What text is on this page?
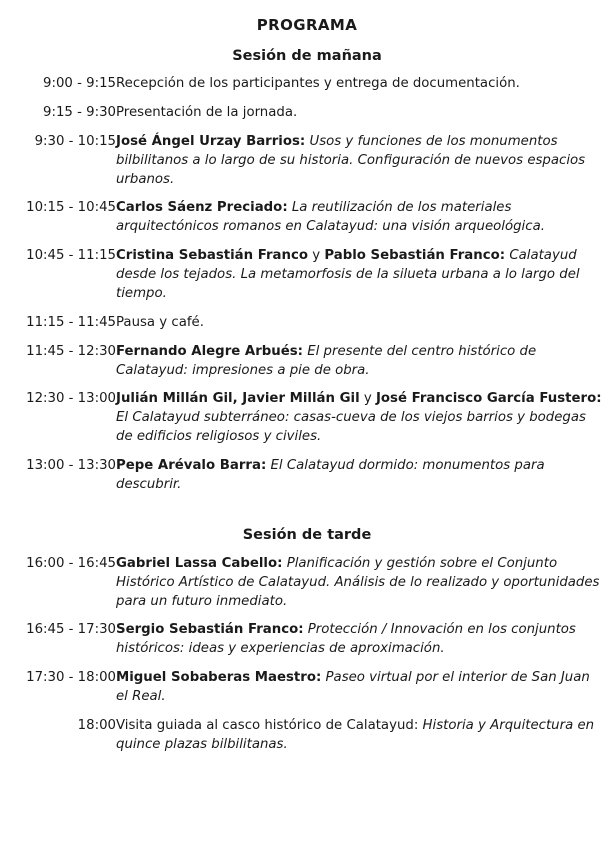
PROGRAMA
Sesión de mañana
9:00 - 9:15	Recepción de los participantes y entrega de documentación.
9:15 - 9:30	Presentación de la jornada.
9:30 - 10:15	José Ángel Urzay Barrios: Usos y funciones de los monumentos bilbilitanos a lo largo de su historia. Configuración de nuevos espacios urbanos.
10:15 - 10:45	Carlos Sáenz Preciado: La reutilización de los materiales arquitectónicos romanos en Calatayud: una visión arqueológica.
10:45 - 11:15	Cristina Sebastián Franco y Pablo Sebastián Franco: Calatayud desde los tejados. La metamorfosis de la silueta urbana a lo largo del tiempo.
11:15 - 11:45	Pausa y café.
11:45 - 12:30	Fernando Alegre Arbués: El presente del centro histórico de Calatayud: impresiones a pie de obra.
12:30 - 13:00	Julián Millán Gil, Javier Millán Gil y José Francisco García Fustero: El Calatayud subterráneo: casas-cueva de los viejos barrios y bodegas de edificios religiosos y civiles.
13:00 - 13:30	Pepe Arévalo Barra: El Calatayud dormido: monumentos para descubrir.
Sesión de tarde
16:00 - 16:45	Gabriel Lassa Cabello: Planificación y gestión sobre el Conjunto Histórico Artístico de Calatayud. Análisis de lo realizado y oportunidades para un futuro inmediato.
16:45 - 17:30	Sergio Sebastián Franco: Protección / Innovación en los conjuntos históricos: ideas y experiencias de aproximación.
17:30 - 18:00	Miguel Sobaberas Maestro: Paseo virtual por el interior de San Juan el Real.
18:00	Visita guiada al casco histórico de Calatayud: Historia y Arquitectura en quince plazas bilbilitanas.
